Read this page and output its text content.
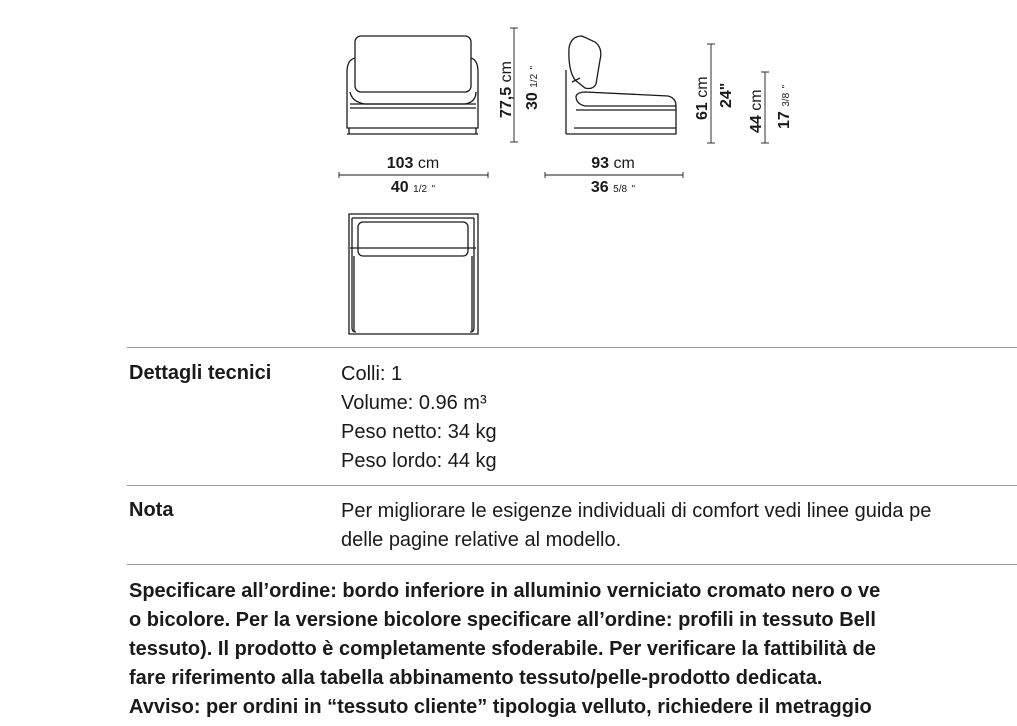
77,5 cm
30 1/2 "
61 cm 24"
44 cm
17 3/8 "
103 cm
40 1/2 "
93 cm
36 5/8 "
Dettagli tecnici	Colli: 1
Volume: 0.96 m³
Peso netto: 34 kg
Peso lordo: 44 kg
Nota	Per migliorare le esigenze individuali di comfort vedi linee guida pe
delle pagine relative al modello.
Specificare all’ordine: bordo inferiore in alluminio verniciato cromato nero o ve
o bicolore. Per la versione bicolore specificare all’ordine: profili in tessuto Bell
tessuto). Il prodotto è completamente sfoderabile. Per verificare la fattibilità de
fare riferimento alla tabella abbinamento tessuto/pelle-prodotto dedicata.
Avviso: per ordini in “tessuto cliente” tipologia velluto, richiedere il metraggio
